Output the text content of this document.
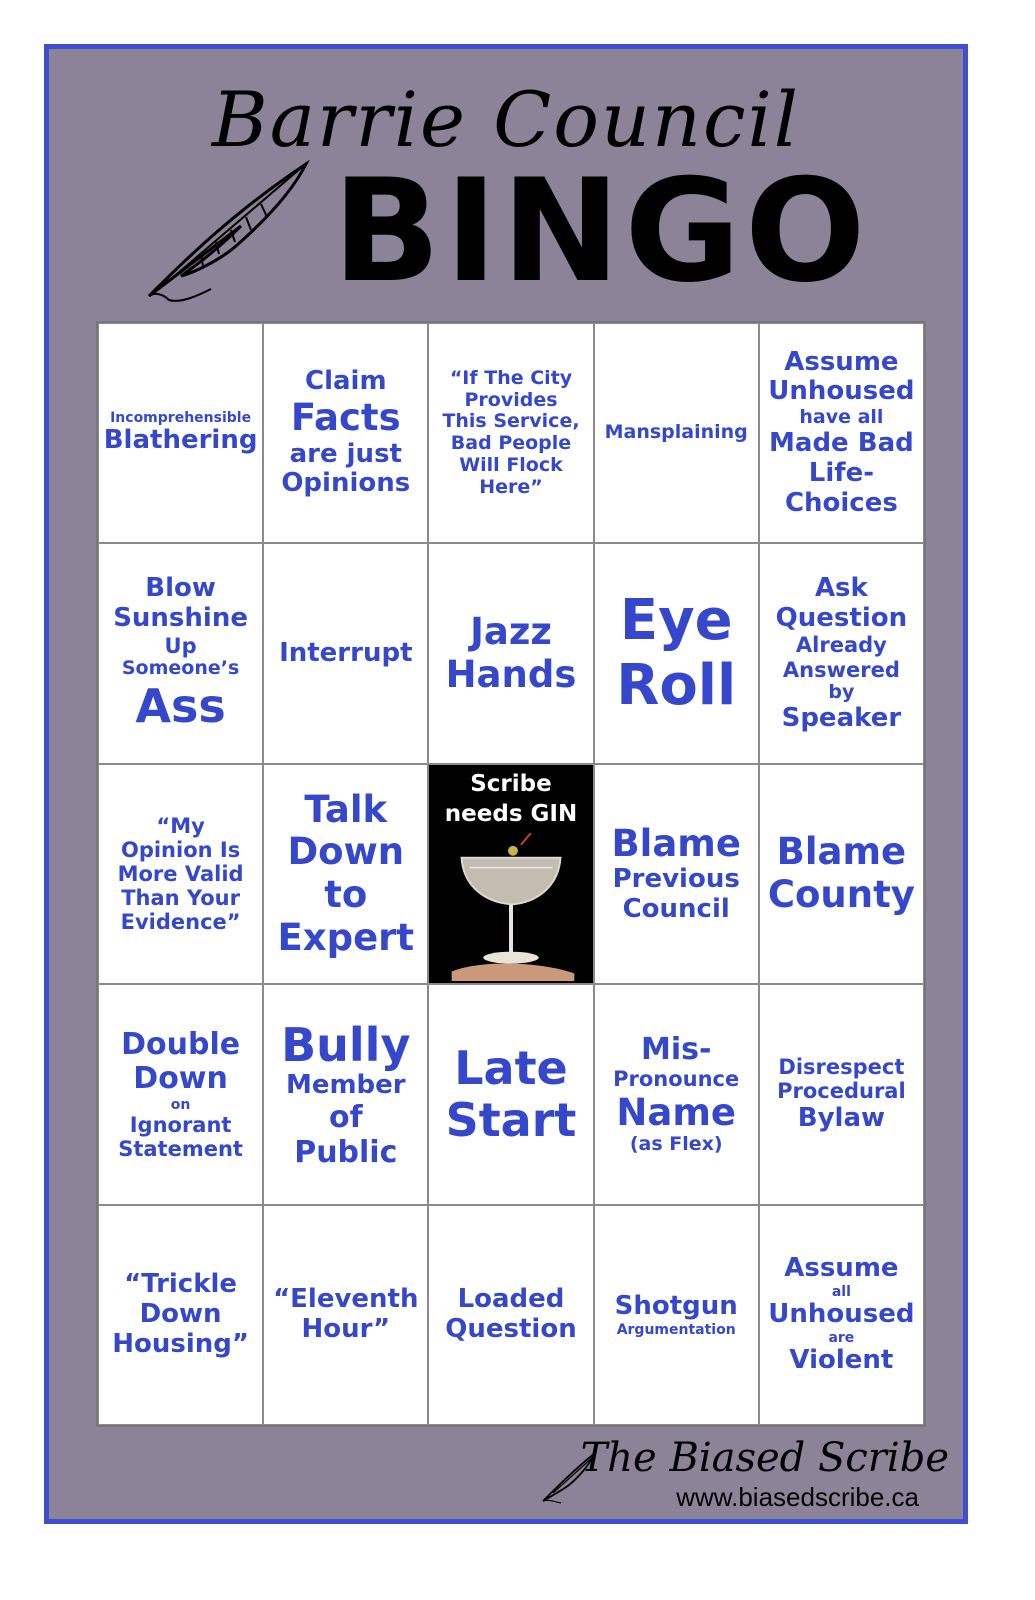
Barrie Council
BINGO
Incomprehensible
Blathering
Claim
Facts
are just
Opinions
“If The City
Provides
This Service,
Bad People
Will Flock
Here”
Mansplaining
Assume
Unhoused
have all
Made Bad
Life-
Choices
Blow
Sunshine
Up
Someone’s
Ass
Interrupt Jazz
Hands
Eye
Roll
Ask
Question
Already
Answered
by
Speaker
“My
Opinion Is
More Valid
Than Your
Evidence”
Talk
Down
to
Expert
Scribe
needs GIN
Blame
Previous
Council
Blame
County
Double
Down
on
Ignorant
Statement
Bully
Member
of
Public
Late
Start
Mis-
Pronounce
Name
(as Flex)
Disrespect
Procedural
Bylaw
“Trickle
Down
Housing”
“Eleventh
Hour”
Loaded
Question
Shotgun
Argumentation
Assume
all
Unhoused
are
Violent
The Biased Scribe
www.biasedscribe.ca
